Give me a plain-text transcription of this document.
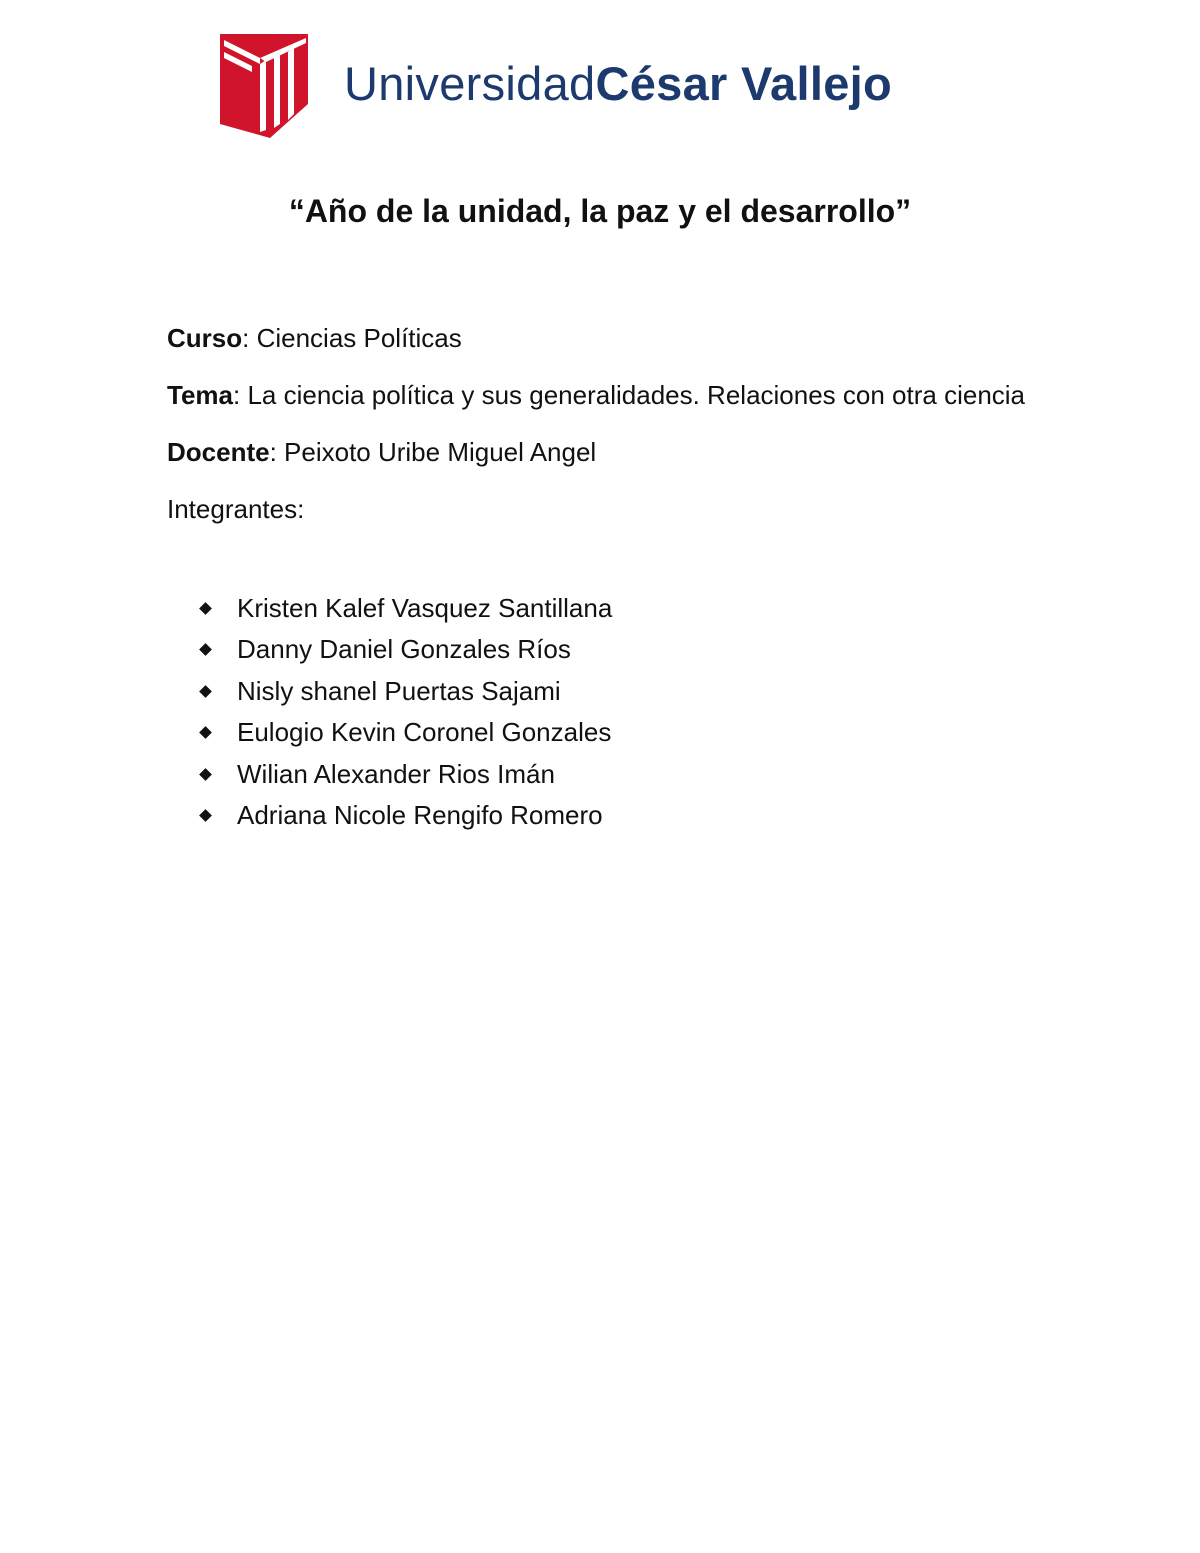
UniversidadCésar Vallejo
“Año de la unidad, la paz y el desarrollo”

Curso: Ciencias Políticas

Tema: La ciencia política y sus generalidades. Relaciones con otra ciencia

Docente: Peixoto Uribe Miguel Angel

Integrantes:

Kristen Kalef Vasquez Santillana
Danny Daniel Gonzales Ríos
Nisly shanel Puertas Sajami
Eulogio Kevin Coronel Gonzales
Wilian Alexander Rios Imán
Adriana Nicole Rengifo Romero
